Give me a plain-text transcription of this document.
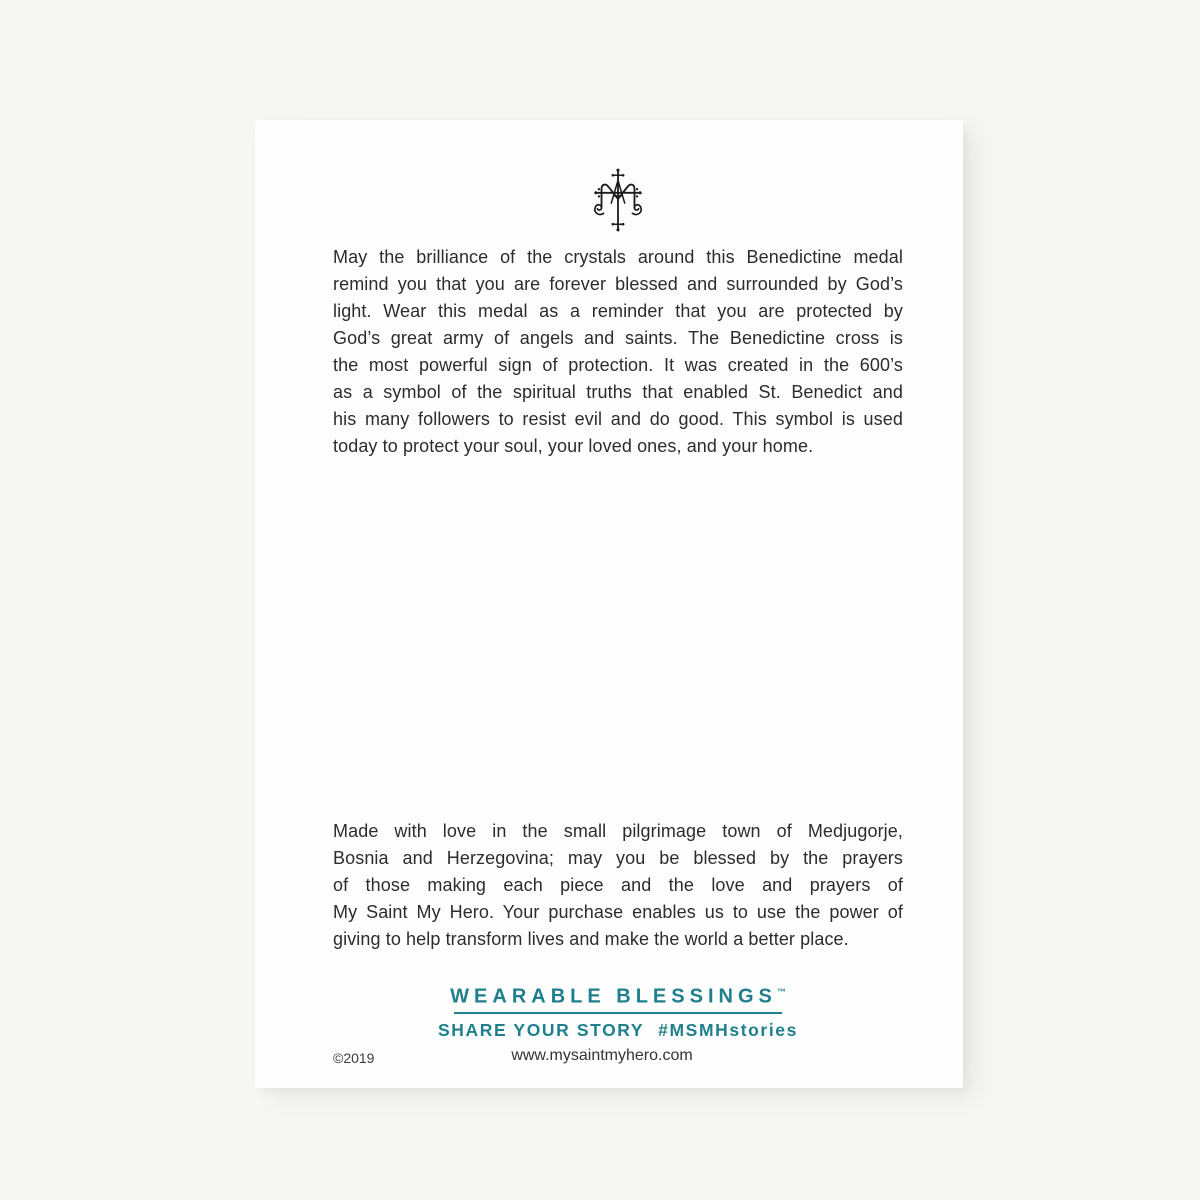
May the brilliance of the crystals around this Benedictine medal
remind you that you are forever blessed and surrounded by God’s
light. Wear this medal as a reminder that you are protected by
God’s great army of angels and saints. The Benedictine cross is
the most powerful sign of protection. It was created in the 600’s
as a symbol of the spiritual truths that enabled St. Benedict and
his many followers to resist evil and do good. This symbol is used
today to protect your soul, your loved ones, and your home.
Made with love in the small pilgrimage town of Medjugorje,
Bosnia and Herzegovina; may you be blessed by the prayers
of those making each piece and the love and prayers of
My Saint My Hero. Your purchase enables us to use the power of
giving to help transform lives and make the world a better place.
WEARABLE BLESSINGS™
SHARE YOUR STORY #MSMHstories
©2019	www.mysaintmyhero.com
